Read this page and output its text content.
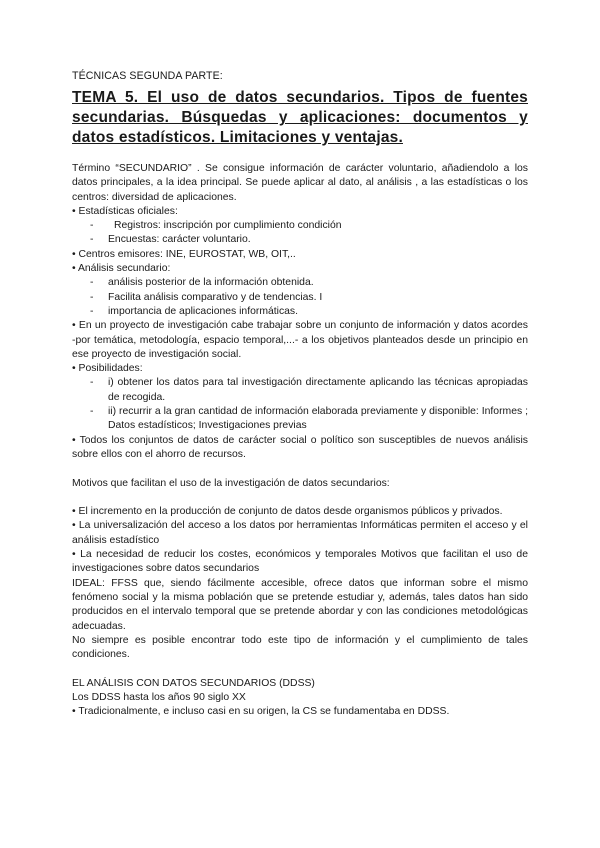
TÉCNICAS SEGUNDA PARTE:

TEMA 5. El uso de datos secundarios. Tipos de fuentes secundarias. Búsquedas y aplicaciones: documentos y datos estadísticos. Limitaciones y ventajas.

Término “SECUNDARIO” . Se consigue información de carácter voluntario, añadiendolo a los datos principales, a la idea principal. Se puede aplicar al dato, al análisis , a las estadísticas o los centros: diversidad de aplicaciones.

• Estadísticas oficiales:

-	Registros: inscripción por cumplimiento condición
-	Encuestas: carácter voluntario.

• Centros emisores: INE, EUROSTAT, WB, OIT,..

• Análisis secundario:

-	análisis posterior de la información obtenida.
-	Facilita análisis comparativo y de tendencias. I
-	importancia de aplicaciones informáticas.

• En un proyecto de investigación cabe trabajar sobre un conjunto de información y datos acordes -por temática, metodología, espacio temporal,...- a los objetivos planteados desde un principio en ese proyecto de investigación social.

• Posibilidades:

-	i) obtener los datos para tal investigación directamente aplicando las técnicas apropiadas de recogida.
-	ii) recurrir a la gran cantidad de información elaborada previamente y disponible: Informes ; Datos estadísticos; Investigaciones previas

• Todos los conjuntos de datos de carácter social o político son susceptibles de nuevos análisis sobre ellos con el ahorro de recursos.

Motivos que facilitan el uso de la investigación de datos secundarios:

• El incremento en la producción de conjunto de datos desde organismos públicos y privados.

• La universalización del acceso a los datos por herramientas Informáticas permiten el acceso y el análisis estadístico

• La necesidad de reducir los costes, económicos y temporales Motivos que facilitan el uso de investigaciones sobre datos secundarios

IDEAL: FFSS que, siendo fácilmente accesible, ofrece datos que informan sobre el mismo fenómeno social y la misma población que se pretende estudiar y, además, tales datos han sido producidos en el intervalo temporal que se pretende abordar y con las condiciones metodológicas adecuadas.

No siempre es posible encontrar todo este tipo de información y el cumplimiento de tales condiciones.

EL ANÁLISIS CON DATOS SECUNDARIOS (DDSS)

Los DDSS hasta los años 90 siglo XX

• Tradicionalmente, e incluso casi en su origen, la CS se fundamentaba en DDSS.
